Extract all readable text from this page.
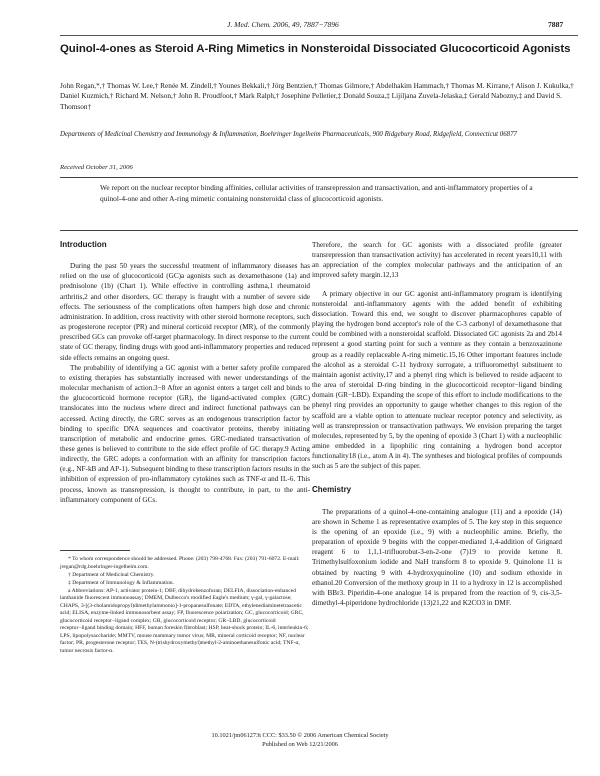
J. Med. Chem. 2006, 49, 7887−7896	7887
Quinol-4-ones as Steroid A-Ring Mimetics in Nonsteroidal Dissociated Glucocorticoid Agonists
John Regan,*,† Thomas W. Lee,† Renée M. Zindell,† Younes Bekkali,† Jörg Bentzien,† Thomas Gilmore,† Abdelhakim Hammach,† Thomas M. Kirrane,† Alison J. Kukulka,† Daniel Kuzmich,† Richard M. Nelson,† John R. Proudfoot,† Mark Ralph,† Josephine Pelletier,‡ Donald Souza,‡ Lijiljana Zuvela-Jelaska,‡ Gerald Nabozny,‡ and David S. Thomson†
Departments of Medicinal Chemistry and Immunology & Inflammation, Boehringer Ingelheim Pharmaceuticals, 900 Ridgebury Road, Ridgefield, Connecticut 06877
Received October 31, 2006
We report on the nuclear receptor binding affinities, cellular activities of transrepression and transactivation, and anti-inflammatory properties of a quinol-4-one and other A-ring mimetic containing nonsteroidal class of glucocorticoid agonists.
Introduction

During the past 50 years the successful treatment of inflammatory diseases has relied on the use of glucocorticoid (GC)a agonists such as dexamethasone (1a) and prednisolone (1b) (Chart 1). While effective in controlling asthma,1 rheumatoid arthritis,2 and other disorders, GC therapy is fraught with a number of severe side effects. The seriousness of the complications often hampers high dose and chronic administration. In addition, cross reactivity with other steroid hormone receptors, such as progesterone receptor (PR) and mineral corticoid receptor (MR), of the commonly prescribed GCs can provoke off-target pharmacology. In direct response to the current state of GC therapy, finding drugs with good anti-inflammatory properties and reduced side effects remains an ongoing quest.

The probability of identifying a GC agonist with a better safety profile compared to existing therapies has substantially increased with newer understandings of the molecular mechanism of action.3−8 After an agonist enters a target cell and binds to the glucocorticoid hormone receptor (GR), the ligand-activated complex (GRC) translocates into the nucleus where direct and indirect functional pathways can be accessed. Acting directly, the GRC serves as an endogenous transcription factor by binding to specific DNA sequences and coactivator proteins, thereby initiating transcription of metabolic and endocrine genes. GRC-mediated transactivation of these genes is believed to contribute to the side effect profile of GC therapy.9 Acting indirectly, the GRC adopts a conformation with an affinity for transcription factors (e.g., NF-kB and AP-1). Subsequent binding to these transcription factors results in the inhibition of expression of pro-inflammatory cytokines such as TNF-α and IL-6. This process, known as transrepression, is thought to contribute, in part, to the anti-inflammatory component of GCs.

Therefore, the search for GC agonists with a dissociated profile (greater transrepression than transactivation activity) has accelerated in recent years10,11 with an appreciation of the complex molecular pathways and the anticipation of an improved safety margin.12,13

A primary objective in our GC agonist anti-inflammatory program is identifying nonsteroidal anti-inflammatory agents with the added benefit of exhibiting dissociation. Toward this end, we sought to discover pharmacophores capable of playing the hydrogen bond acceptor's role of the C-3 carbonyl of dexamethasone that could be combined with a nonsteroidal scaffold. Dissociated GC agonists 2a and 2b14 represent a good starting point for such a venture as they contain a benzoxazinone group as a readily replaceable A-ring mimetic.15,16 Other important features include the alcohol as a steroidal C-11 hydroxy surrogate, a trifluoromethyl substituent to maintain agonist activity,17 and a phenyl ring which is believed to reside adjacent to the area of steroidal D-ring binding in the glucocorticoid receptor−ligand binding domain (GR−LBD). Expanding the scope of this effort to include modifications to the phenyl ring provides an opportunity to gauge whether changes to this region of the scaffold are a viable option to attenuate nuclear receptor potency and selectivity, as well as transrepression or transactivation pathways. We envision preparing the target molecules, represented by 5, by the opening of epoxide 3 (Chart 1) with a nucleophilic amine embedded in a lipophilic ring containing a hydrogen bond acceptor functionality18 (i.e., atom A in 4). The syntheses and biological profiles of compounds such as 5 are the subject of this paper.

Chemistry

The preparations of a quinol-4-one-containing analogue (11) and a epoxide (14) are shown in Scheme 1 as representative examples of 5. The key step in this sequence is the opening of an epoxide (i.e., 9) with a nucleophilic amine. Briefly, the preparation of epoxide 9 begins with the copper-mediated 1,4-addition of Grignard reagent 6 to 1,1,1-trifluorobut-3-en-2-one (7)19 to provide ketone 8. Trimethylsulfoxonium iodide and NaH transform 8 to epoxide 9. Quinolone 11 is obtained by reacting 9 with 4-hydroxyquinoline (10) and sodium ethoxide in ethanol.20 Conversion of the methoxy group in 11 to a hydroxy in 12 is accomplished with BBr3. Piperidin-4-one analogue 14 is prepared from the reaction of 9, cis-3,5-dimethyl-4-piperidone hydrochloride (13)21,22 and K2CO3 in DMF.

* To whom correspondence should be addressed. Phone: (203) 798-4768. Fax: (203) 791-6072. E-mail: jregan@rdg.boehringer-ingelheim.com.

† Department of Medicinal Chemistry.

‡ Department of Immunology & Inflammation.

a Abbreviations: AP-1, activator protein-1; DBF, dihydrobenzofuran; DELFIA, dissociation-enhanced lanthanide fluorescent immunoassay; DMEM, Dulbecco's modified Eagle's medium; γ-gal, γ-galactose; CHAPS, 3-[(3-cholamidopropyl)dimethylammonio]-1-propanesulfonate; EDTA, ethylenediaminetetraacetic acid; ELISA, enzyme-linked immunosorbent assay; FP, fluorescence polarization; GC, glucocorticoid; GRC, glucocorticoid receptor−ligand complex; GR, glucocorticoid receptor; GR−LBD, glucocorticoid receptor−ligand binding domain; HFF, human foreskin fibroblast; HSP, heat-shock protein; IL-6, interleukin-6; LPS, lipopolysaccharide; MMTV, mouse mammary tumor virus; MR, mineral corticoid receptor; NF, nuclear factor; PR, progesterone receptor; TES, N-(trishydroxymethyl)methyl-2-aminoethanesulfonic acid; TNF-α, tumor necrosis factor-α.

10.1021/jm061273t CCC: $33.50 © 2006 American Chemical Society
Published on Web 12/21/2006
